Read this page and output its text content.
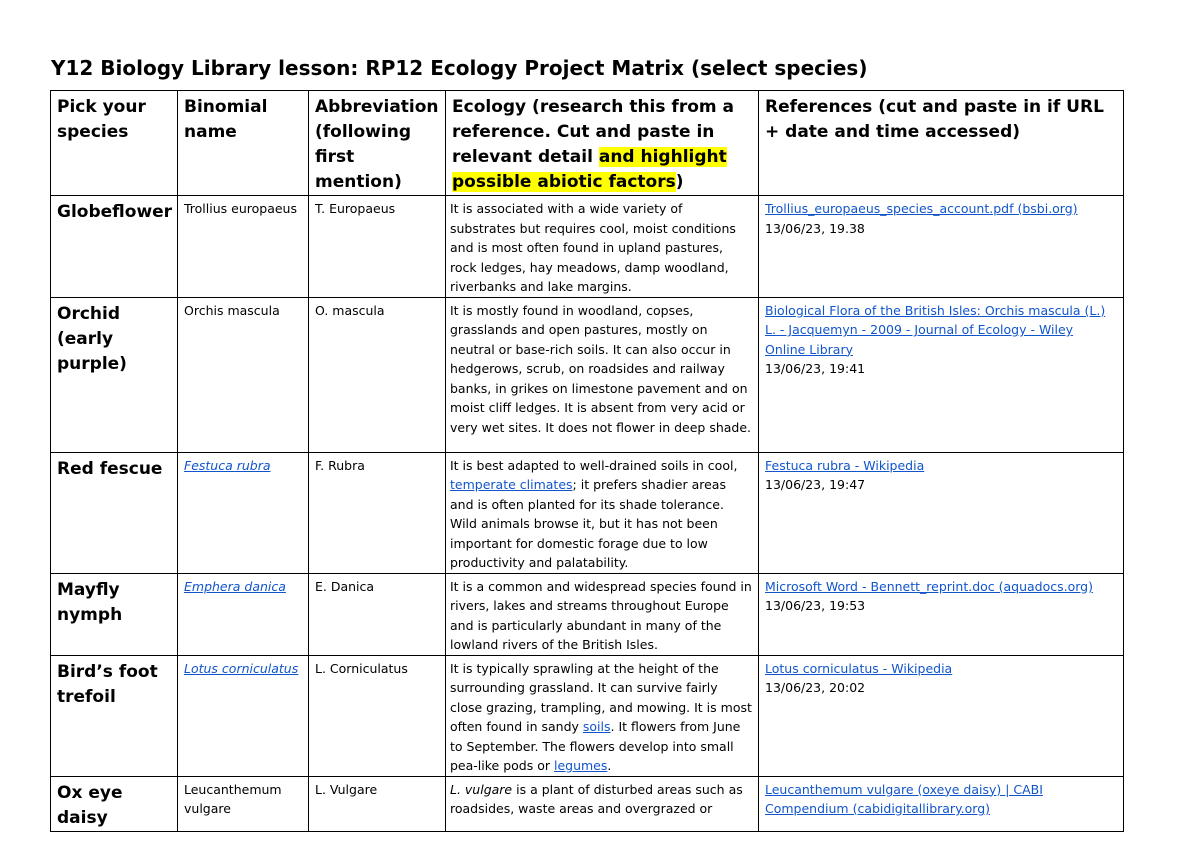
Y12 Biology Library lesson: RP12 Ecology Project Matrix (select species)
Pick your species	Binomial name	Abbreviation (following first mention)	Ecology (research this from a reference. Cut and paste in relevant detail and highlight possible abiotic factors)	References (cut and paste in if URL + date and time accessed)
Globeflower	Trollius europaeus	T. Europaeus	It is associated with a wide variety of substrates but requires cool, moist conditions and is most often found in upland pastures, rock ledges, hay meadows, damp woodland, riverbanks and lake margins.	Trollius_europaeus_species_account.pdf (bsbi.org)
13/06/23, 19.38
Orchid (early purple)	Orchis mascula	O. mascula	It is mostly found in woodland, copses, grasslands and open pastures, mostly on neutral or base-rich soils. It can also occur in hedgerows, scrub, on roadsides and railway banks, in grikes on limestone pavement and on moist cliff ledges. It is absent from very acid or very wet sites. It does not flower in deep shade.	Biological Flora of the British Isles: Orchis mascula (L.) L. - Jacquemyn - 2009 - Journal of Ecology - Wiley Online Library
13/06/23, 19:41
Red fescue	Festuca rubra	F. Rubra	It is best adapted to well-drained soils in cool, temperate climates; it prefers shadier areas and is often planted for its shade tolerance. Wild animals browse it, but it has not been important for domestic forage due to low productivity and palatability.	Festuca rubra - Wikipedia
13/06/23, 19:47
Mayfly nymph	Emphera danica	E. Danica	It is a common and widespread species found in rivers, lakes and streams throughout Europe and is particularly abundant in many of the lowland rivers of the British Isles.	Microsoft Word - Bennett_reprint.doc (aquadocs.org)
13/06/23, 19:53
Bird’s foot trefoil	Lotus corniculatus	L. Corniculatus	It is typically sprawling at the height of the surrounding grassland. It can survive fairly close grazing, trampling, and mowing. It is most often found in sandy soils. It flowers from June to September. The flowers develop into small pea-like pods or legumes.	Lotus corniculatus - Wikipedia
13/06/23, 20:02
Ox eye daisy	Leucanthemum vulgare	L. Vulgare	L. vulgare is a plant of disturbed areas such as roadsides, waste areas and overgrazed or	Leucanthemum vulgare (oxeye daisy) | CABI Compendium (cabidigitallibrary.org)
